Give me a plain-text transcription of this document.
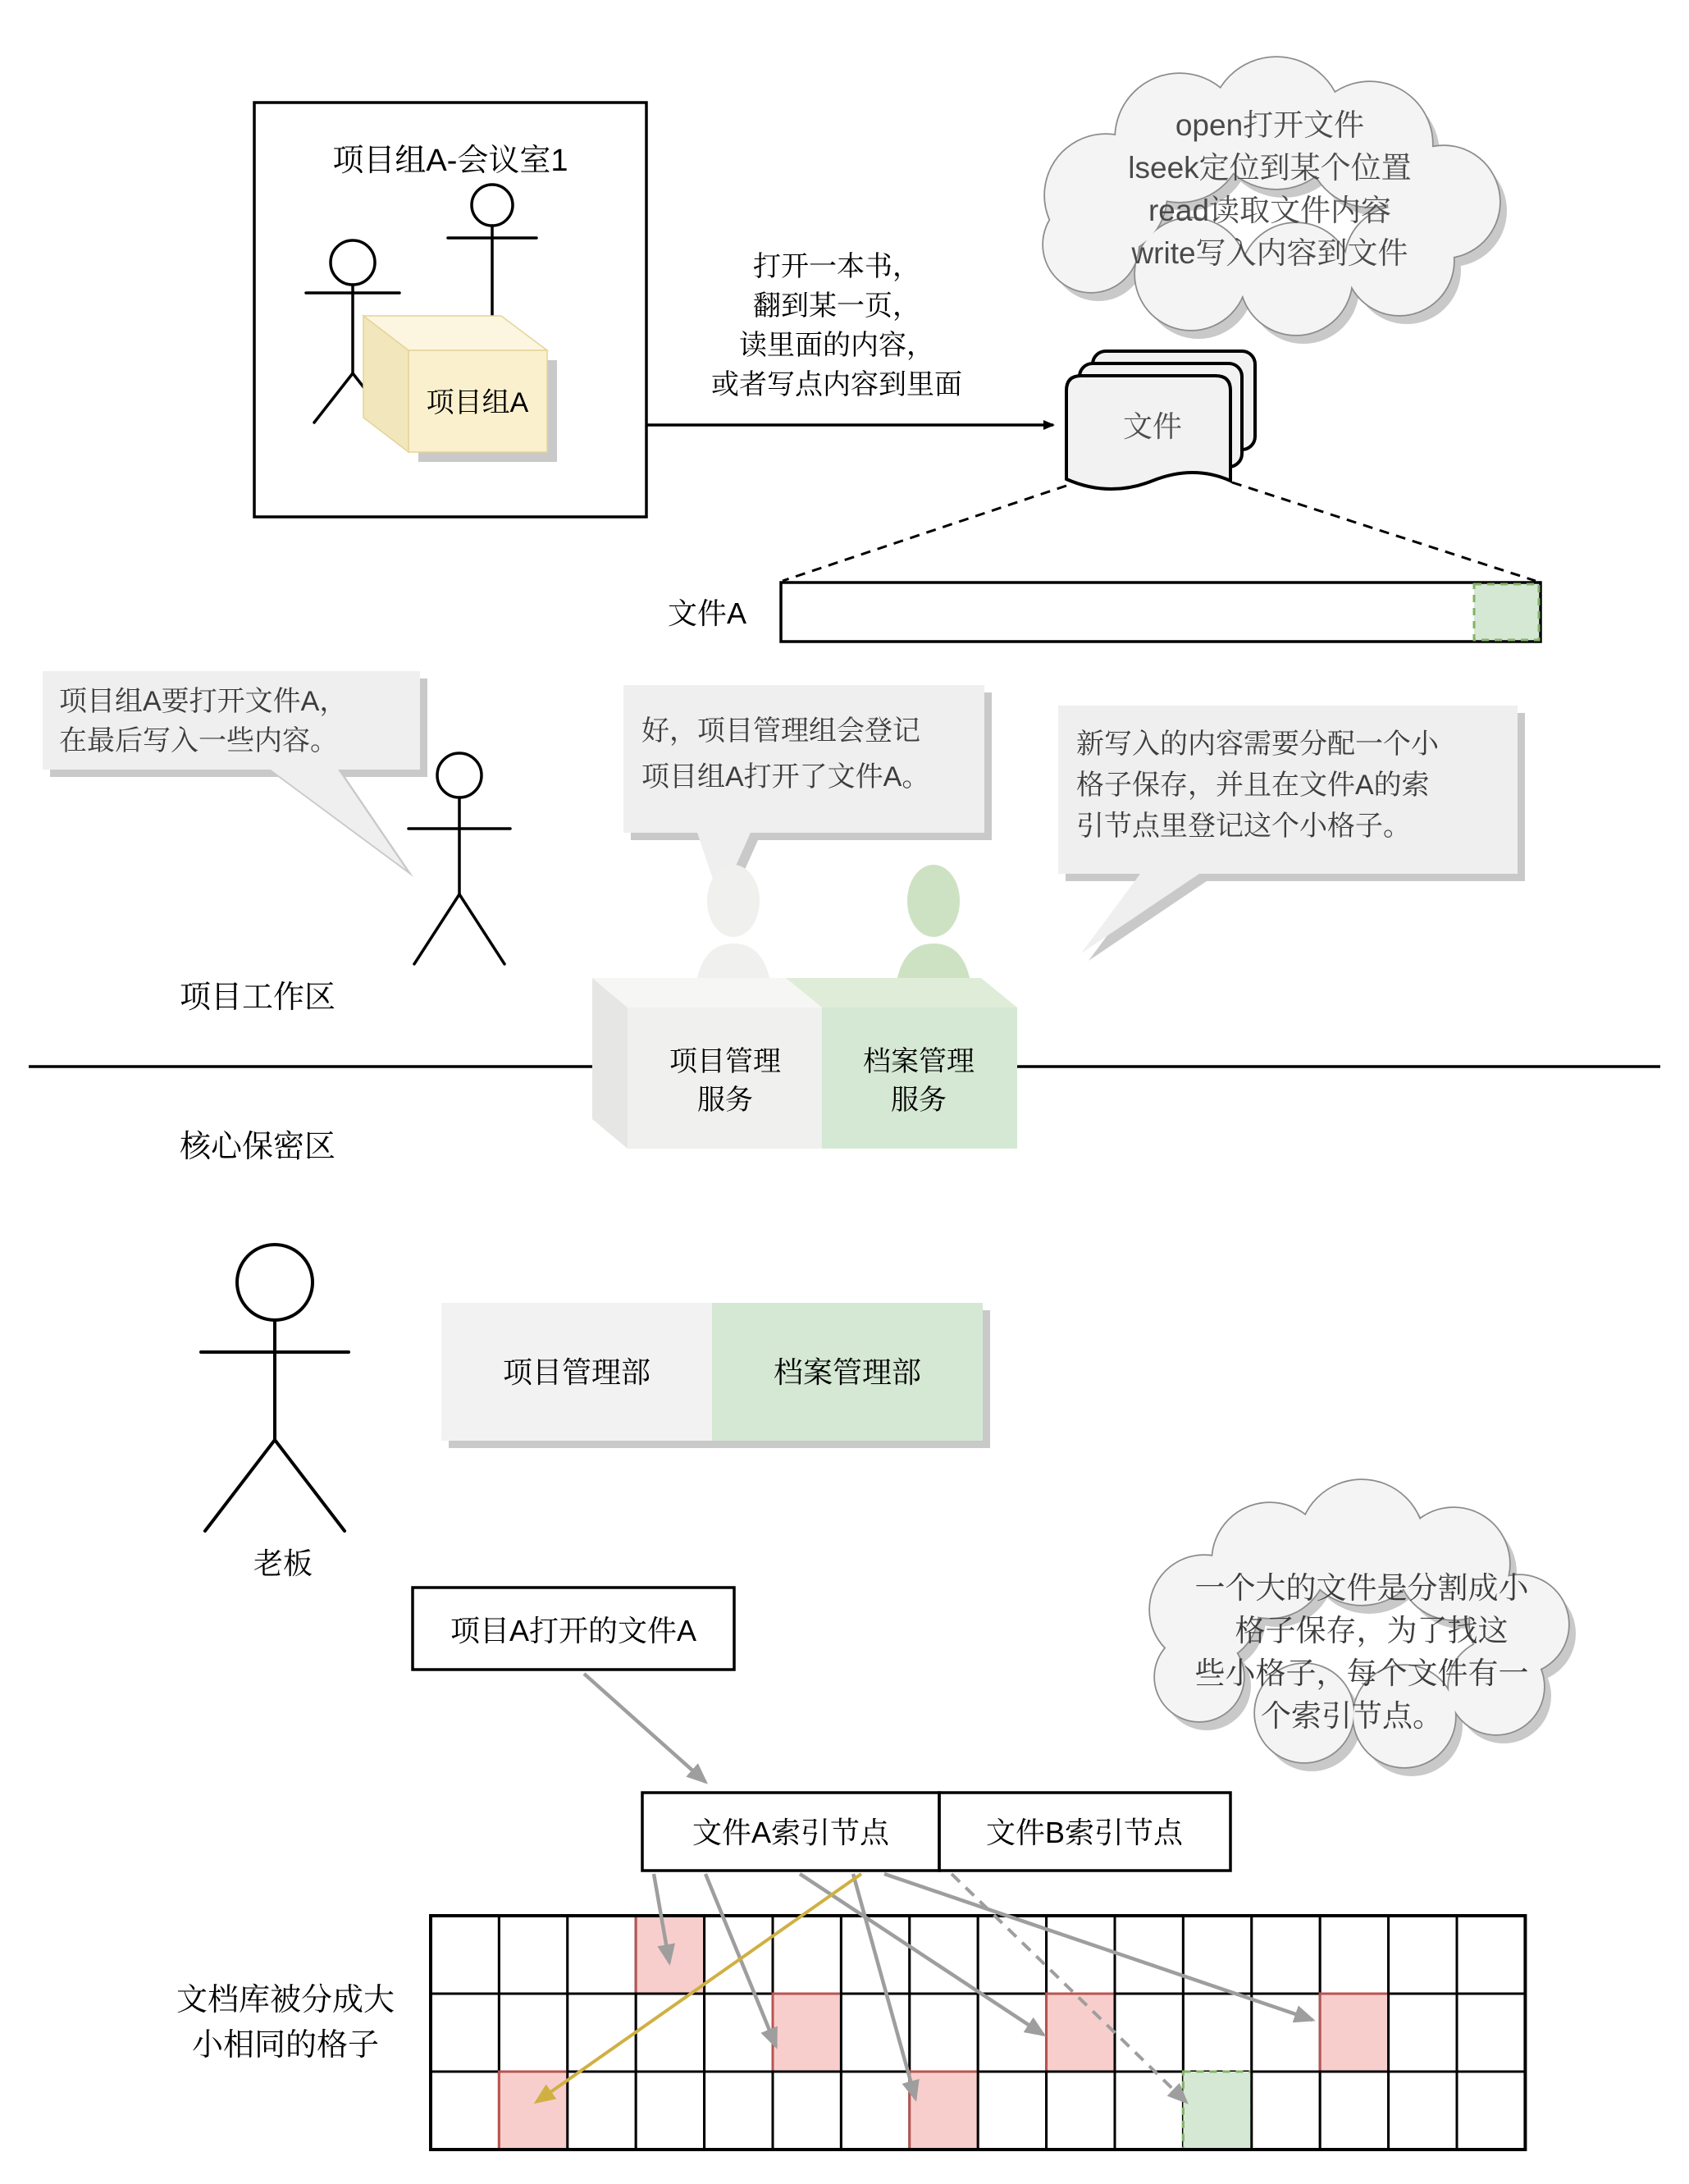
项目组A-会议室1
项目组A
打开一本书，
翻到某一页，
读里面的内容，
或者写点内容到里面
open打开文件
lseek定位到某个位置
read读取文件内容
write写入内容到文件
文件
文件A
项目组A要打开文件A，
在最后写入一些内容。
项目工作区
核心保密区
好，项目管理组会登记
项目组A打开了文件A。
新写入的内容需要分配一个小
格子保存，并且在文件A的索
引节点里登记这个小格子。
项目管理
服务
档案管理
服务
老板
项目管理部	档案管理部
项目A打开的文件A
一个大的文件是分割成小
格子保存，为了找这
些小格子，每个文件有一
个索引节点。
文件A索引节点	文件B索引节点
文档库被分成大
小相同的格子
